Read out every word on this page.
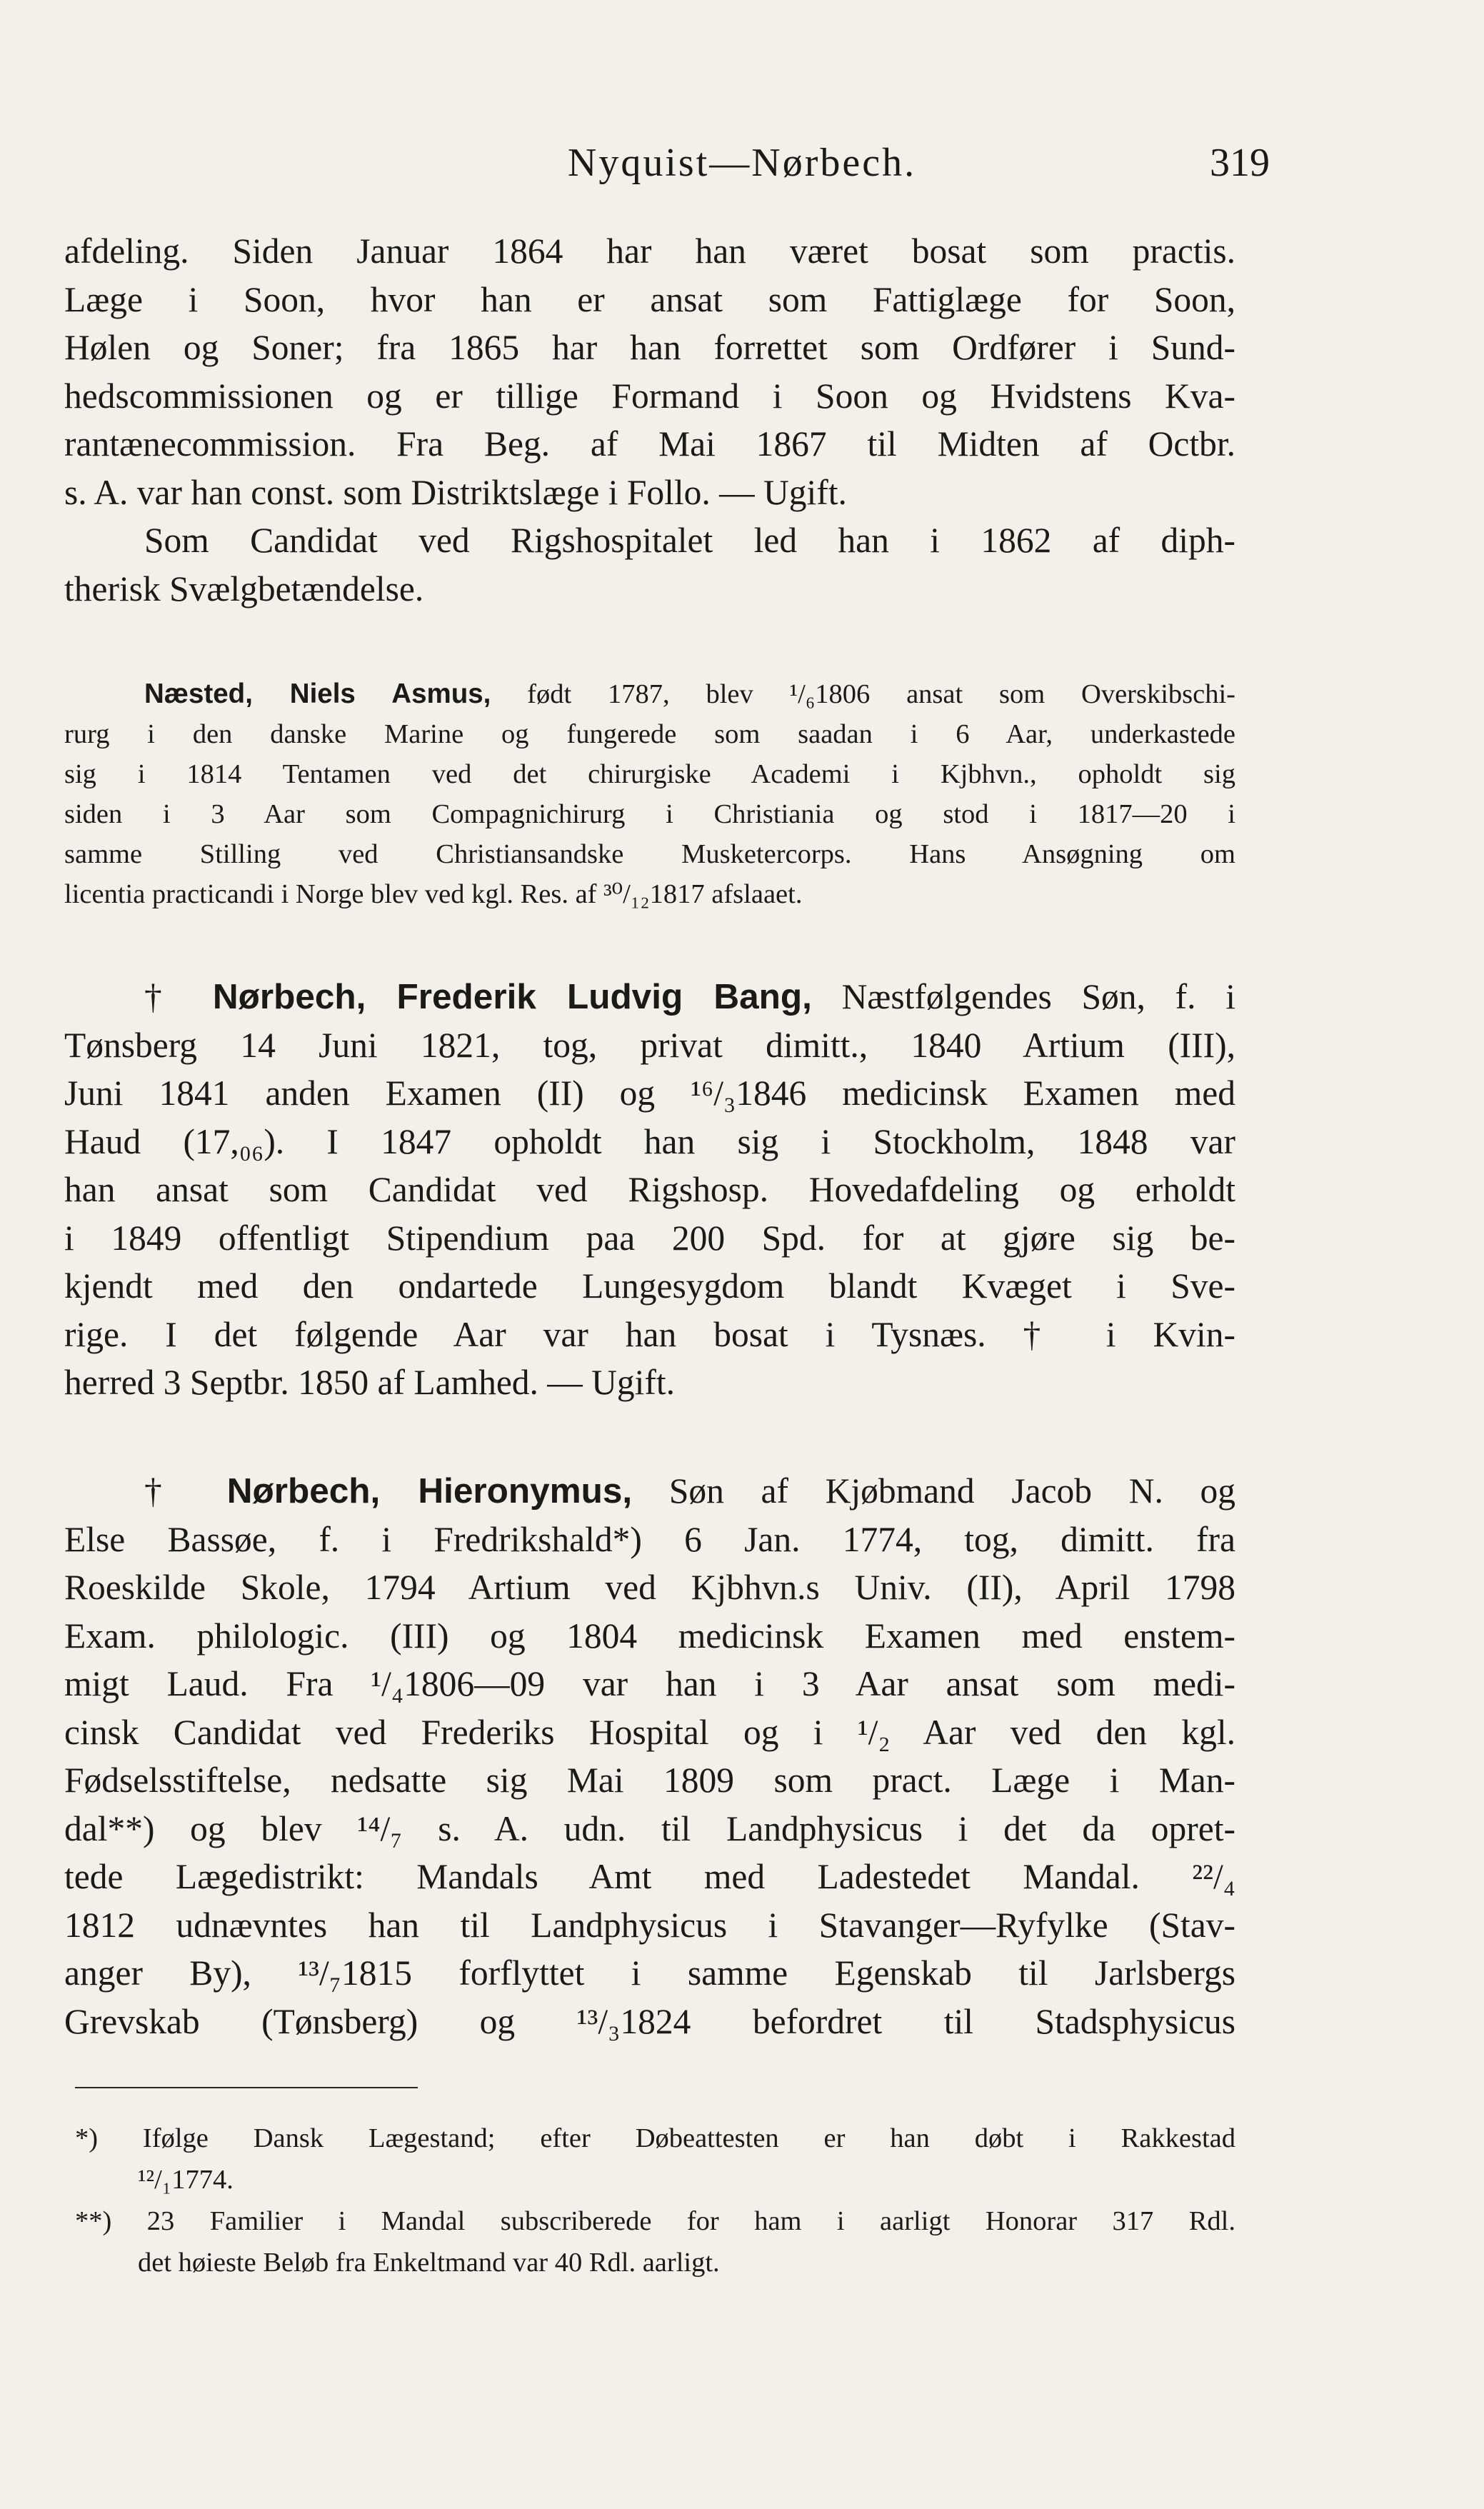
Nyquist—Nørbech.	319
afdeling. Siden Januar 1864 har han været bosat som practis.
Læge i Soon, hvor han er ansat som Fattiglæge for Soon,
Hølen og Soner; fra 1865 har han forrettet som Ordfører i Sund-
hedscommissionen og er tillige Formand i Soon og Hvidstens Kva-
rantænecommission. Fra Beg. af Mai 1867 til Midten af Octbr.
s. A. var han const. som Distriktslæge i Follo. — Ugift.
Som Candidat ved Rigshospitalet led han i 1862 af diph-
therisk Svælgbetændelse.
Næsted, Niels Asmus, født 1787, blev ¹/₆1806 ansat som Overskibschi-
rurg i den danske Marine og fungerede som saadan i 6 Aar, underkastede
sig i 1814 Tentamen ved det chirurgiske Academi i Kjbhvn., opholdt sig
siden i 3 Aar som Compagnichirurg i Christiania og stod i 1817—20 i
samme Stilling ved Christiansandske Musketercorps. Hans Ansøgning om
licentia practicandi i Norge blev ved kgl. Res. af ³⁰/₁₂1817 afslaaet.
† Nørbech, Frederik Ludvig Bang, Næstfølgendes Søn, f. i
Tønsberg 14 Juni 1821, tog, privat dimitt., 1840 Artium (III),
Juni 1841 anden Examen (II) og ¹⁶/₃1846 medicinsk Examen med
Haud (17,₀₆). I 1847 opholdt han sig i Stockholm, 1848 var
han ansat som Candidat ved Rigshosp. Hovedafdeling og erholdt
i 1849 offentligt Stipendium paa 200 Spd. for at gjøre sig be-
kjendt med den ondartede Lungesygdom blandt Kvæget i Sve-
rige. I det følgende Aar var han bosat i Tysnæs. † i Kvin-
herred 3 Septbr. 1850 af Lamhed. — Ugift.
† Nørbech, Hieronymus, Søn af Kjøbmand Jacob N. og
Else Bassøe, f. i Fredrikshald*) 6 Jan. 1774, tog, dimitt. fra
Roeskilde Skole, 1794 Artium ved Kjbhvn.s Univ. (II), April 1798
Exam. philologic. (III) og 1804 medicinsk Examen med enstem-
migt Laud. Fra ¹/₄1806—09 var han i 3 Aar ansat som medi-
cinsk Candidat ved Frederiks Hospital og i ¹/₂ Aar ved den kgl.
Fødselsstiftelse, nedsatte sig Mai 1809 som pract. Læge i Man-
dal**) og blev ¹⁴/₇ s. A. udn. til Landphysicus i det da opret-
tede Lægedistrikt: Mandals Amt med Ladestedet Mandal. ²²/₄
1812 udnævntes han til Landphysicus i Stavanger—Ryfylke (Stav-
anger By), ¹³/₇1815 forflyttet i samme Egenskab til Jarlsbergs
Grevskab (Tønsberg) og ¹³/₃1824 befordret til Stadsphysicus
*) Ifølge Dansk Lægestand; efter Døbeattesten er han døbt i Rakkestad
¹²/₁1774.
**) 23 Familier i Mandal subscriberede for ham i aarligt Honorar 317 Rdl.
det høieste Beløb fra Enkeltmand var 40 Rdl. aarligt.
